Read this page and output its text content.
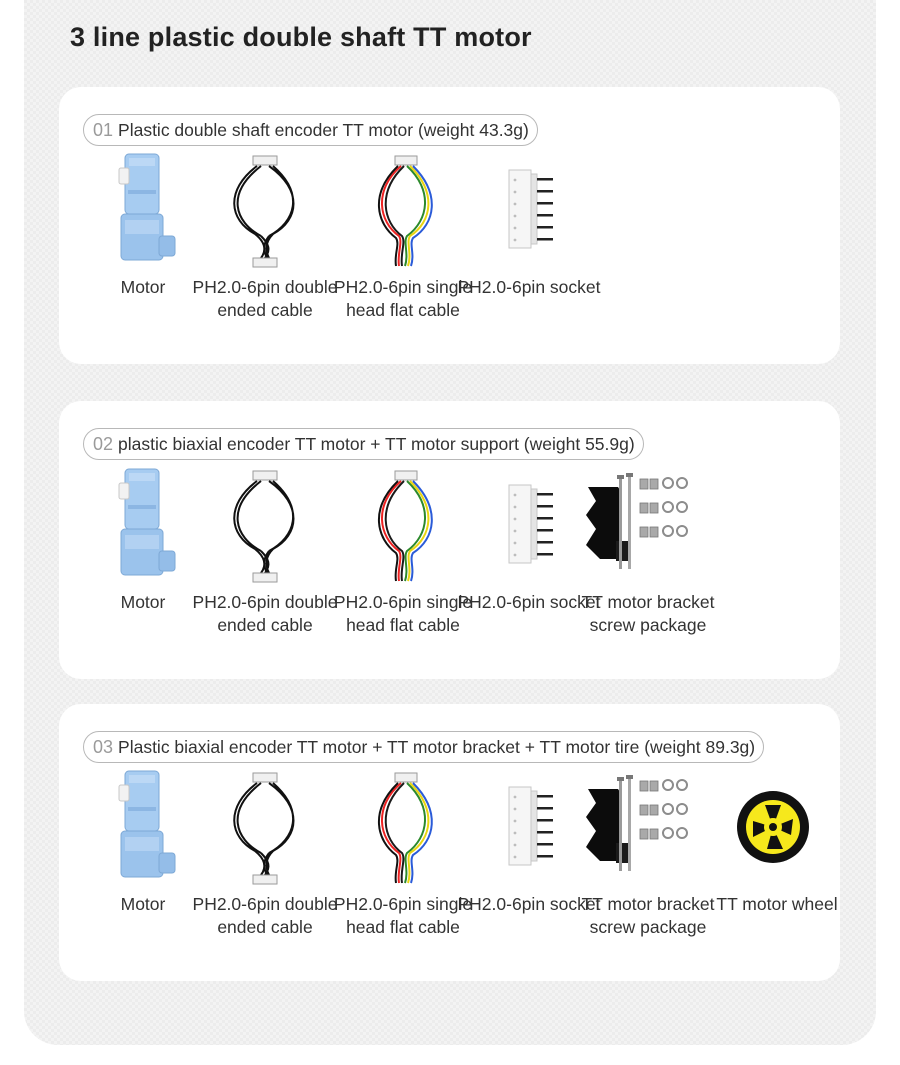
3 line plastic double shaft TT motor
01 Plastic double shaft encoder TT motor (weight 43.3g)
Motor	PH2.0-6pin double ended cable
PH2.0-6pin single head flat cable
PH2.0-6pin socket
02 plastic biaxial encoder TT motor + TT motor support (weight 55.9g)
Motor	PH2.0-6pin double ended cable
PH2.0-6pin single head flat cable
PH2.0-6pin socket
TT motor bracket screw package
03 Plastic biaxial encoder TT motor + TT motor bracket + TT motor tire (weight 89.3g)
Motor	PH2.0-6pin double ended cable
PH2.0-6pin single head flat cable
PH2.0-6pin socket
TT motor bracket screw package
TT motor wheel
